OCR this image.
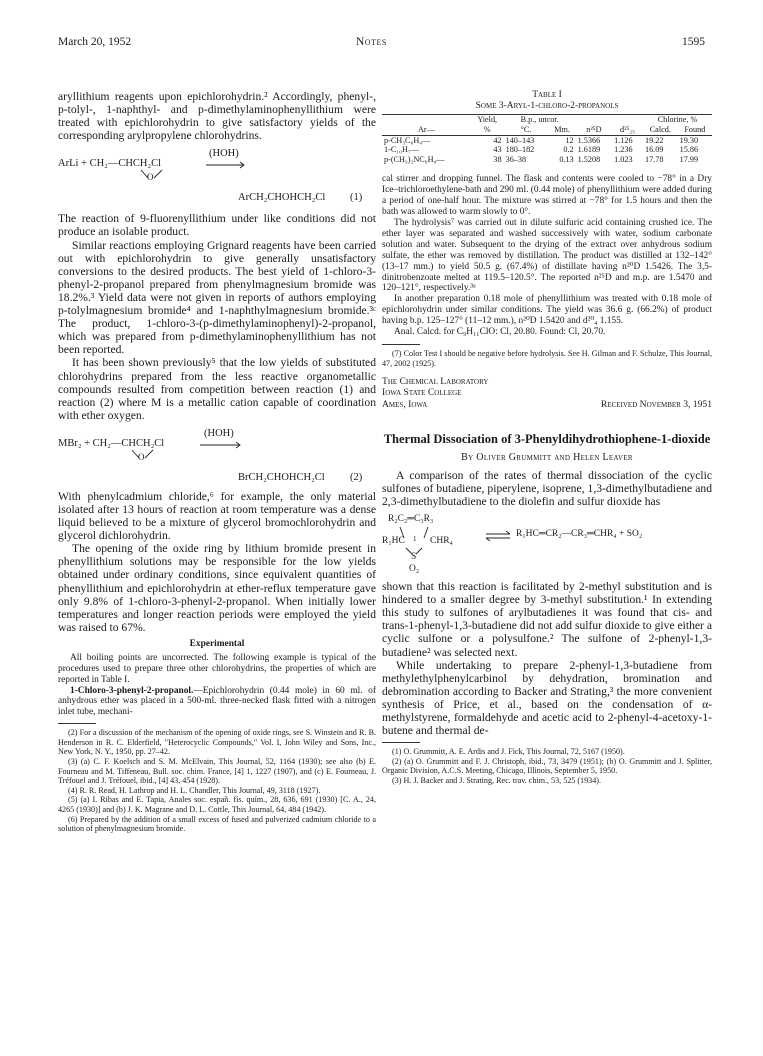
March 20, 1952	Notes	1595

aryllithium reagents upon epichlorohydrin.² Accordingly, phenyl-, p-tolyl-, 1-naphthyl- and p-dimethylaminophenyllithium were treated with epichlorohydrin to give satisfactory yields of the corresponding arylpropylene chlorohydrins.

ArLi + CH₂—CHCH₂Cl
(HOH)
O
ArCH₂CHOHCH₂Cl (1)

The reaction of 9-fluorenyllithium under like conditions did not produce an isolable product.

Similar reactions employing Grignard reagents have been carried out with epichlorohydrin to give generally unsatisfactory conversions to the desired products. The best yield of 1-chloro-3-phenyl-2-propanol prepared from phenylmagnesium bromide was 18.2%.³ Yield data were not given in reports of authors employing p-tolylmagnesium bromide⁴ and 1-naphthylmagnesium bromide.³ᶜ The product, 1-chloro-3-(p-dimethylaminophenyl)-2-propanol, which was prepared from p-dimethylaminophenyllithium has not been reported.

It has been shown previously⁵ that the low yields of substituted chlorohydrins prepared from the less reactive organometallic compounds resulted from competition between reaction (1) and reaction (2) where M is a metallic cation capable of coordination with ether oxygen.

MBr₂ + CH₂—CHCH₂Cl
(HOH)
O
BrCH₂CHOHCH₂Cl (2)

With phenylcadmium chloride,⁶ for example, the only material isolated after 13 hours of reaction at room temperature was a dense liquid believed to be a mixture of glycerol bromochlorohydrin and glycerol dichlorohydrin.

The opening of the oxide ring by lithium bromide present in phenyllithium solutions may be responsible for the low yields obtained under ordinary conditions, since equivalent quantities of phenyllithium and epichlorohydrin at ether-reflux temperature gave only 9.8% of 1-chloro-3-phenyl-2-propanol. When initially lower temperatures and longer reaction periods were employed the yield was raised to 67%.

Experimental

All boiling points are uncorrected. The following example is typical of the procedures used to prepare three other chlorohydrins, the properties of which are reported in Table I.

1-Chloro-3-phenyl-2-propanol.—Epichlorohydrin (0.44 mole) in 60 ml. of anhydrous ether was placed in a 500-ml. three-necked flask fitted with a nitrogen inlet tube, mechani-

(2) For a discussion of the mechanism of the opening of oxide rings, see S. Winstein and R. B. Henderson in R. C. Elderfield, "Heterocyclic Compounds," Vol. I, John Wiley and Sons, Inc., New York, N. Y., 1950, pp. 27–42.

(3) (a) C. F. Koelsch and S. M. McElvain, This Journal, 52, 1164 (1930); see also (b) E. Fourneau and M. Tiffeneau, Bull. soc. chim. France, [4] 1, 1227 (1907), and (c) E. Fourneau, J. Tréfouel and J. Tréfouel, ibid., [4] 43, 454 (1928).

(4) R. R. Read, H. Lathrop and H. L. Chandler, This Journal, 49, 3118 (1927).

(5) (a) I. Ribas and E. Tapia, Anales soc. españ. fís. quím., 28, 636, 691 (1930) [C. A., 24, 4265 (1930)] and (b) J. K. Magrane and D. L. Cottle, This Journal, 64, 484 (1942).

(6) Prepared by the addition of a small excess of fused and pulverized cadmium chloride to a solution of phenylmagnesium bromide.

Table I

Some 3-Aryl-1-chloro-2-propanols

	Yield,	B.p., uncor.				Chlorine, %	
Ar—	%	°C.	Mm.	n²⁵D	d²⁵₂₅	Calcd.	Found
p-CH₃C₆H₄—	42	140–143	12	1.5366	1.126	19.22	19.30
1-C₁₀H₇—	43	180–182	0.2	1.6189	1.236	16.09	15.86
p-(CH₃)₂NC₆H₄—	38	36–38	0.13	1.5208	1.023	17.78	17.99

cal stirrer and dropping funnel. The flask and contents were cooled to −78° in a Dry Ice–trichloroethylene-bath and 290 ml. (0.44 mole) of phenyllithium were added during a period of one-half hour. The mixture was stirred at −78° for 1.5 hours and then the bath was allowed to warm slowly to 0°.

The hydrolysis⁷ was carried out in dilute sulfuric acid containing crushed ice. The ether layer was separated and washed successively with water, sodium carbonate solution and water. Subsequent to the drying of the extract over anhydrous sodium sulfate, the ether was removed by distillation. The product was distilled at 132–142° (13–17 mm.) to yield 50.5 g. (67.4%) of distillate having n²⁰D 1.5426. The 3,5-dinitrobenzoate melted at 119.5–120.5°. The reported n²⁵D and m.p. are 1.5470 and 120–121°, respectively.³ᵃ

In another preparation 0.18 mole of phenyllithium was treated with 0.18 mole of epichlorohydrin under similar conditions. The yield was 36.6 g. (66.2%) of product having b.p. 125–127° (11–12 mm.), n²⁰D 1.5420 and d²⁰₄ 1.155.

Anal. Calcd. for C₉H₁₁ClO: Cl, 20.80. Found: Cl, 20.70.

(7) Color Test I should be negative before hydrolysis. See H. Gilman and F. Schulze, This Journal, 47, 2002 (1925).

The Chemical Laboratory

Iowa State College

Ames, Iowa	Received November 3, 1951

Thermal Dissociation of 3-Phenyldihydrothiophene-1-dioxide

By Oliver Grummitt and Helen Leaver

A comparison of the rates of thermal dissociation of the cyclic sulfones of butadiene, piperylene, isoprene, 1,3-dimethylbutadiene and 2,3-dimethylbutadiene to the diolefin and sulfur dioxide has

R₂C₂═C₃R₃
R₁HC 1 CHR₄
S
O₂
R₁HC═CR₂—CR₃═CHR₄ + SO₂

shown that this reaction is facilitated by 2-methyl substitution and is hindered to a smaller degree by 3-methyl substitution.¹ In extending this study to sulfones of arylbutadienes it was found that cis- and trans-1-phenyl-1,3-butadiene did not add sulfur dioxide to give either a cyclic sulfone or a polysulfone.² The sulfone of 2-phenyl-1,3-butadiene² was selected next.

While undertaking to prepare 2-phenyl-1,3-butadiene from methylethylphenylcarbinol by dehydration, bromination and debromination according to Backer and Strating,³ the more convenient synthesis of Price, et al., based on the condensation of α-methylstyrene, formaldehyde and acetic acid to 2-phenyl-4-acetoxy-1-butene and thermal de-

(1) O. Grummitt, A. E. Ardis and J. Fick, This Journal, 72, 5167 (1950).

(2) (a) O. Grummitt and F. J. Christoph, ibid., 73, 3479 (1951); (b) O. Grummitt and J. Splitter, Organic Division, A.C.S. Meeting, Chicago, Illinois, September 5, 1950.

(3) H. J. Backer and J. Strating, Rec. trav. chim., 53, 525 (1934).
